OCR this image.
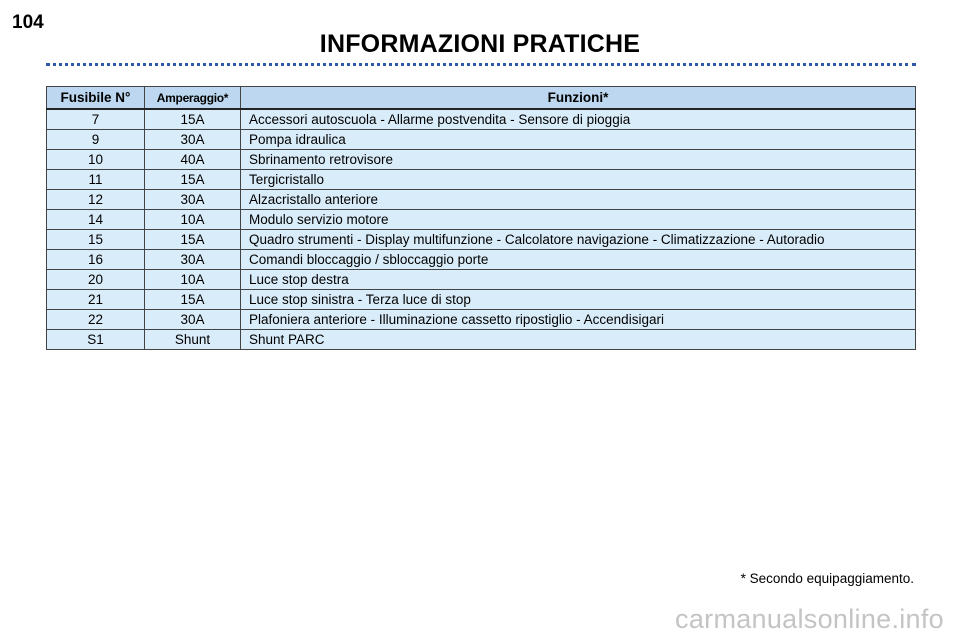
104
INFORMAZIONI PRATICHE
Fusibile N°	Amperaggio*	Funzioni*
7	15A	Accessori autoscuola - Allarme postvendita - Sensore di pioggia
9	30A	Pompa idraulica
10	40A	Sbrinamento retrovisore
11	15A	Tergicristallo
12	30A	Alzacristallo anteriore
14	10A	Modulo servizio motore
15	15A	Quadro strumenti - Display multifunzione - Calcolatore navigazione - Climatizzazione - Autoradio
16	30A	Comandi bloccaggio / sbloccaggio porte
20	10A	Luce stop destra
21	15A	Luce stop sinistra - Terza luce di stop
22	30A	Plafoniera anteriore - Illuminazione cassetto ripostiglio - Accendisigari
S1	Shunt	Shunt PARC
* Secondo equipaggiamento.
carmanualsonline.info
